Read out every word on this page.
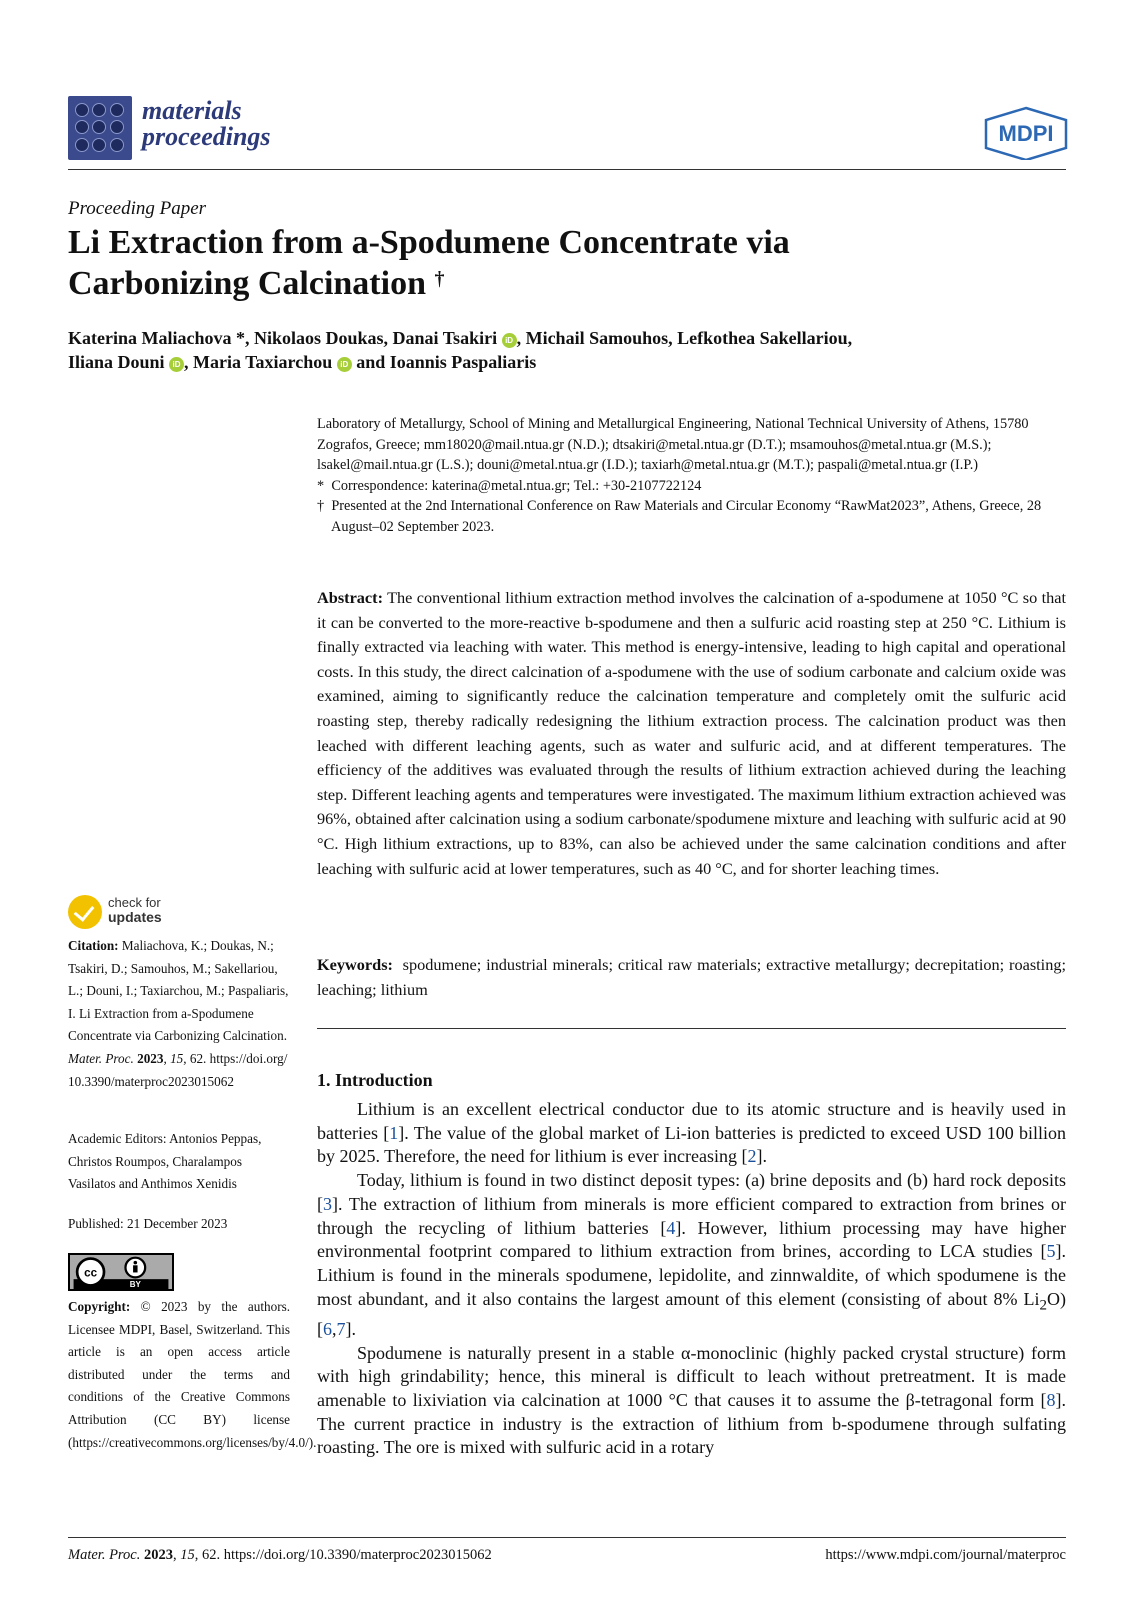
materials
proceedings	MDPI
Proceeding Paper
Li Extraction from a-Spodumene Concentrate via
Carbonizing Calcination †
Katerina Maliachova *, Nikolaos Doukas, Danai Tsakiri iD , Michail Samouhos, Lefkothea Sakellariou,
Iliana Douni iD , Maria Taxiarchou iD and Ioannis Paspaliaris
Laboratory of Metallurgy, School of Mining and Metallurgical Engineering, National Technical University of Athens, 15780 Zografos, Greece; mm18020@mail.ntua.gr (N.D.); dtsakiri@metal.ntua.gr (D.T.); msamouhos@metal.ntua.gr (M.S.); lsakel@mail.ntua.gr (L.S.); douni@metal.ntua.gr (I.D.); taxiarh@metal.ntua.gr (M.T.); paspali@metal.ntua.gr (I.P.)
* Correspondence: katerina@metal.ntua.gr; Tel.: +30-2107722124
† Presented at the 2nd International Conference on Raw Materials and Circular Economy “RawMat2023”, Athens, Greece, 28 August–02 September 2023.
Abstract: The conventional lithium extraction method involves the calcination of a-spodumene at 1050 °C so that it can be converted to the more-reactive b-spodumene and then a sulfuric acid roasting step at 250 °C. Lithium is finally extracted via leaching with water. This method is energy-intensive, leading to high capital and operational costs. In this study, the direct calcination of a-spodumene with the use of sodium carbonate and calcium oxide was examined, aiming to significantly reduce the calcination temperature and completely omit the sulfuric acid roasting step, thereby radically redesigning the lithium extraction process. The calcination product was then leached with different leaching agents, such as water and sulfuric acid, and at different temperatures. The efficiency of the additives was evaluated through the results of lithium extraction achieved during the leaching step. Different leaching agents and temperatures were investigated. The maximum lithium extraction achieved was 96%, obtained after calcination using a sodium carbonate/spodumene mixture and leaching with sulfuric acid at 90 °C. High lithium extractions, up to 83%, can also be achieved under the same calcination conditions and after leaching with sulfuric acid at lower temperatures, such as 40 °C, and for shorter leaching times.
Keywords: spodumene; industrial minerals; critical raw materials; extractive metallurgy; decrepitation; roasting; leaching; lithium
1. Introduction

Lithium is an excellent electrical conductor due to its atomic structure and is heavily used in batteries [1]. The value of the global market of Li-ion batteries is predicted to exceed USD 100 billion by 2025. Therefore, the need for lithium is ever increasing [2].

Today, lithium is found in two distinct deposit types: (a) brine deposits and (b) hard rock deposits [3]. The extraction of lithium from minerals is more efficient compared to extraction from brines or through the recycling of lithium batteries [4]. However, lithium processing may have higher environmental footprint compared to lithium extraction from brines, according to LCA studies [5]. Lithium is found in the minerals spodumene, lepidolite, and zinnwaldite, of which spodumene is the most abundant, and it also contains the largest amount of this element (consisting of about 8% $Li_2O$) [6,7].

Spodumene is naturally present in a stable α-monoclinic (highly packed crystal structure) form with high grindability; hence, this mineral is difficult to leach without pretreatment. It is made amenable to lixiviation via calcination at 1000 °C that causes it to assume the β-tetragonal form [8]. The current practice in industry is the extraction of lithium from b-spodumene through sulfating roasting. The ore is mixed with sulfuric acid in a rotary

check for
updates
Citation: Maliachova, K.; Doukas, N.; Tsakiri, D.; Samouhos, M.; Sakellariou, L.; Douni, I.; Taxiarchou, M.; Paspaliaris, I. Li Extraction from a-Spodumene Concentrate via Carbonizing Calcination. Mater. Proc. 2023, 15, 62. https://doi.org/10.3390/materproc2023015062
Academic Editors: Antonios Peppas, Christos Roumpos, Charalampos Vasilatos and Anthimos Xenidis
Published: 21 December 2023
cc
BY
Copyright: © 2023 by the authors. Licensee MDPI, Basel, Switzerland. This article is an open access article distributed under the terms and conditions of the Creative Commons Attribution (CC BY) license (https://creativecommons.org/licenses/by/4.0/).
Mater. Proc. 2023, 15, 62. https://doi.org/10.3390/materproc2023015062	https://www.mdpi.com/journal/materproc
